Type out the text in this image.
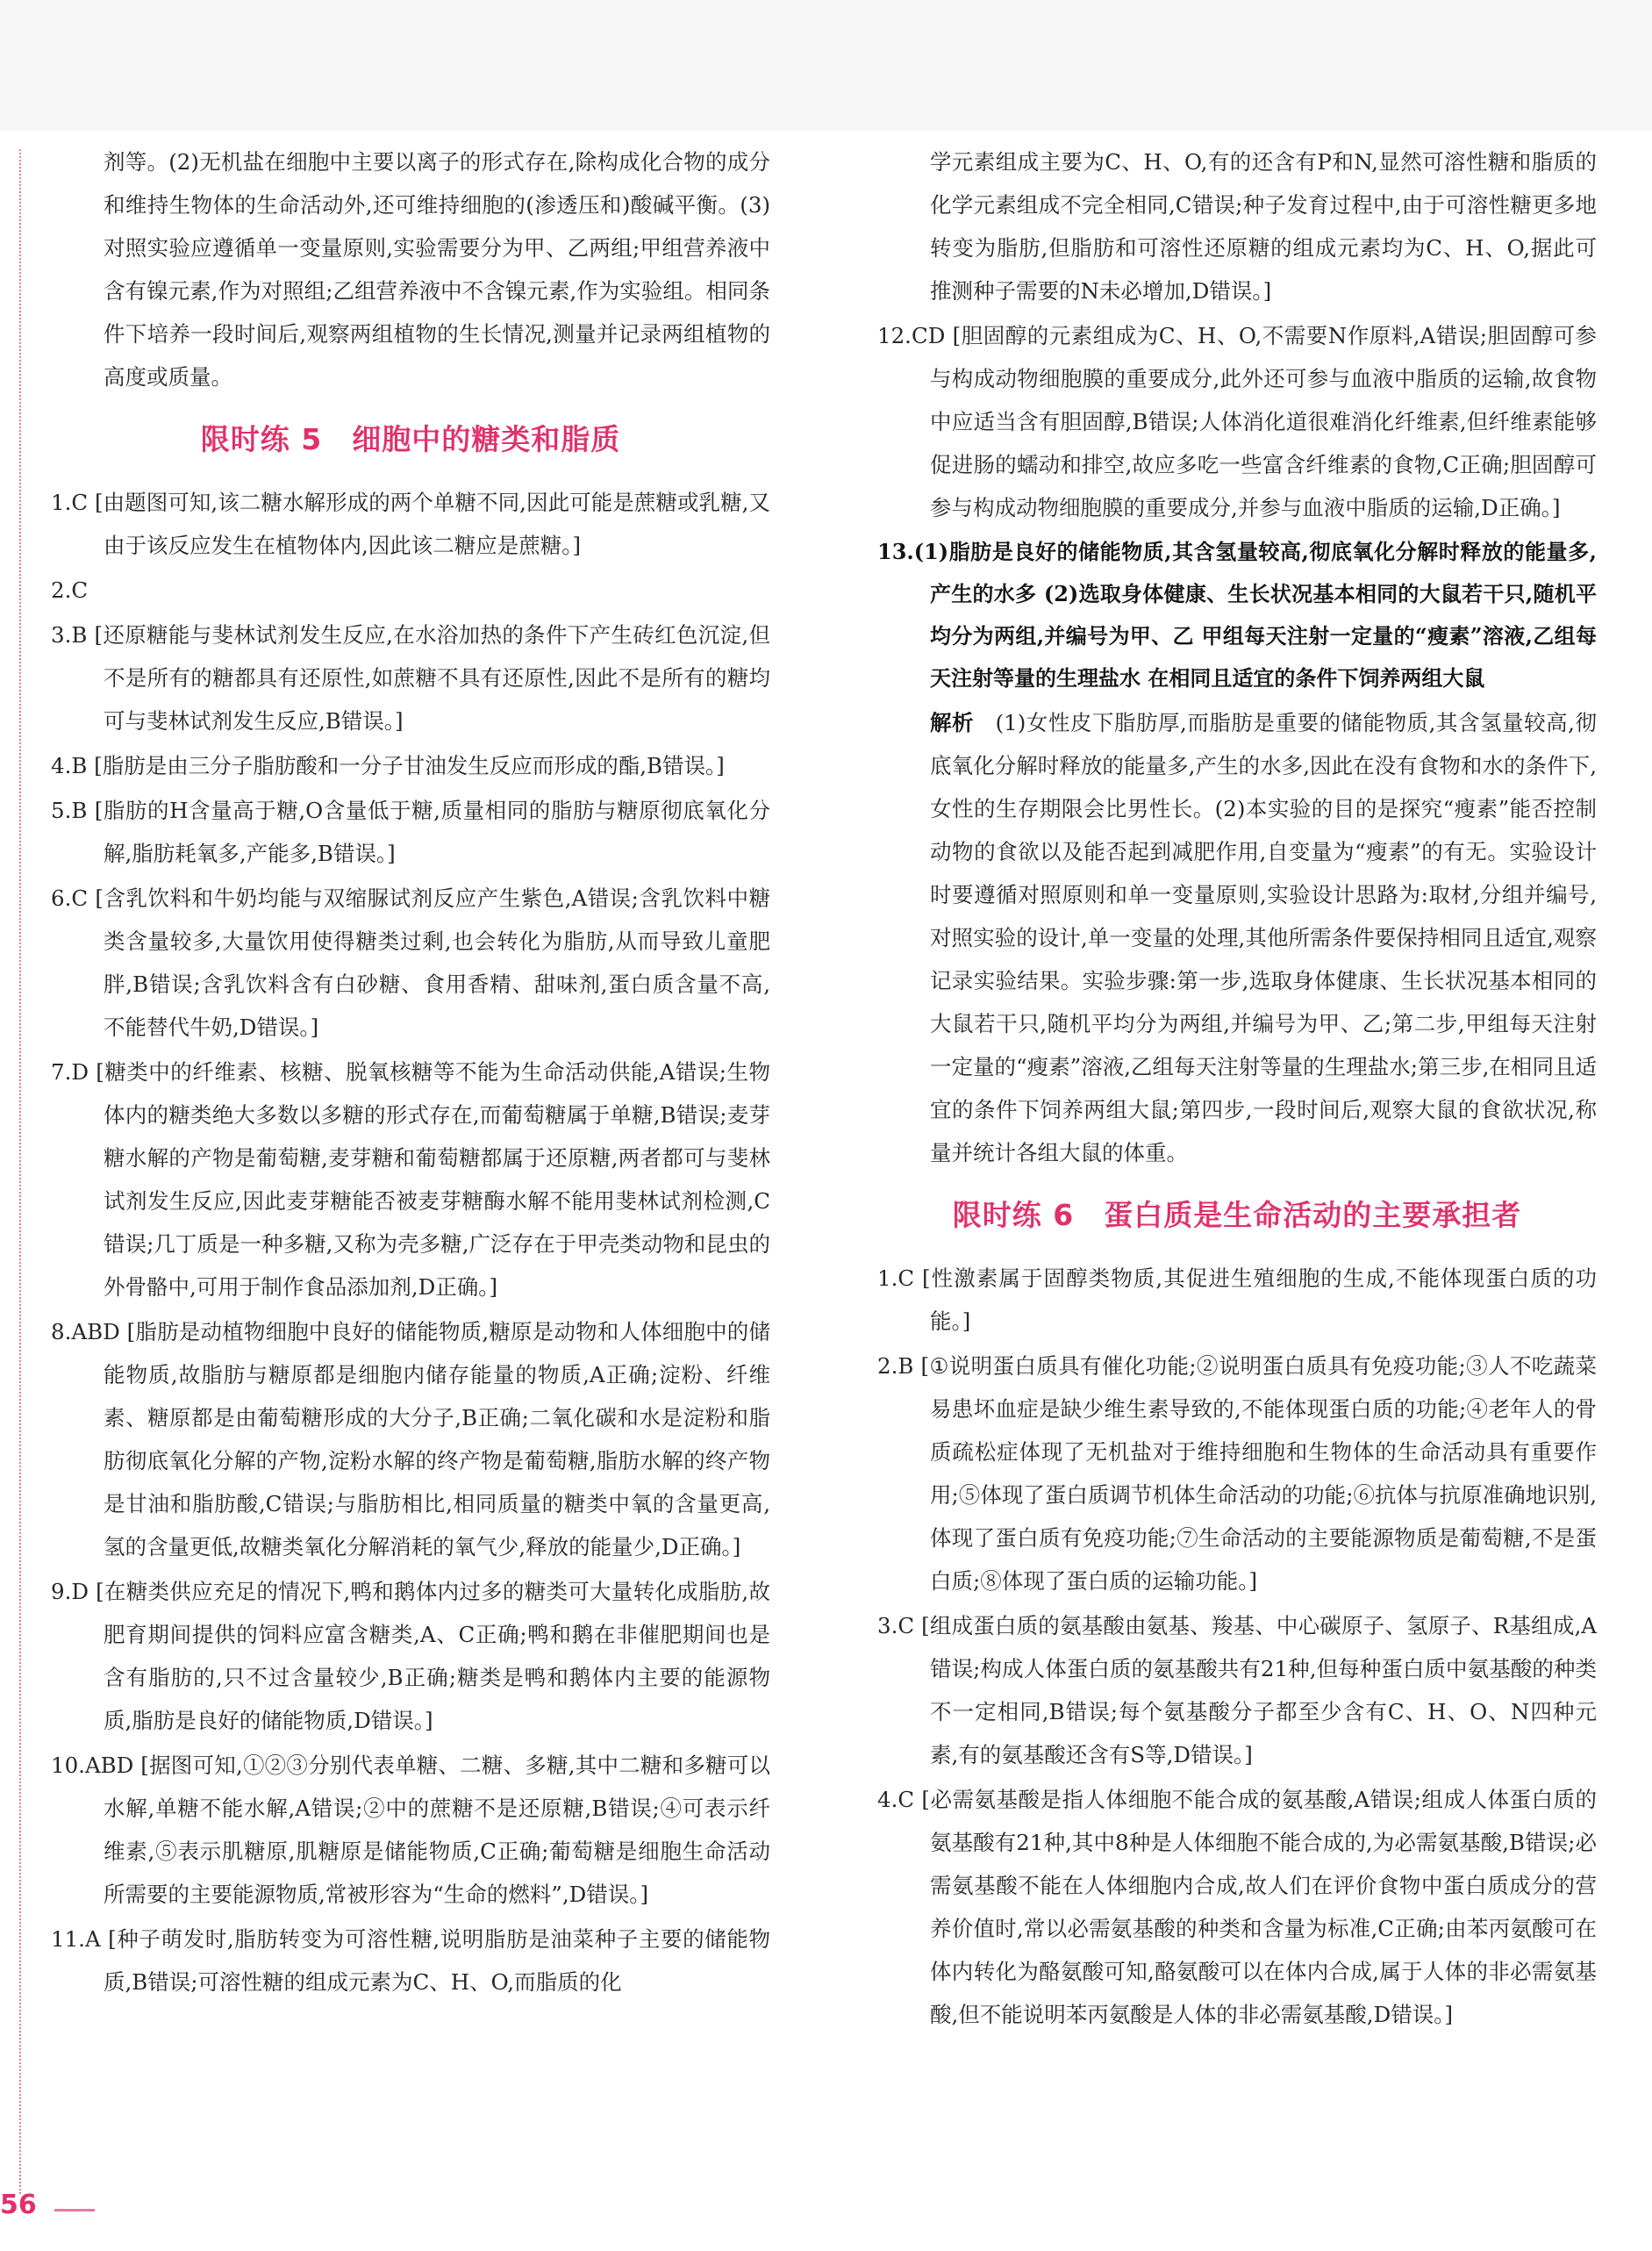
剂等。(2)无机盐在细胞中主要以离子的形式存在,除构成化合物的成分和维持生物体的生命活动外,还可维持细胞的(渗透压和)酸碱平衡。(3)对照实验应遵循单一变量原则,实验需要分为甲、乙两组;甲组营养液中含有镍元素,作为对照组;乙组营养液中不含镍元素,作为实验组。相同条件下培养一段时间后,观察两组植物的生长情况,测量并记录两组植物的高度或质量。

限时练 5 细胞中的糖类和脂质

1.C [由题图可知,该二糖水解形成的两个单糖不同,因此可能是蔗糖或乳糖,又由于该反应发生在植物体内,因此该二糖应是蔗糖。]

2.C

3.B [还原糖能与斐林试剂发生反应,在水浴加热的条件下产生砖红色沉淀,但不是所有的糖都具有还原性,如蔗糖不具有还原性,因此不是所有的糖均可与斐林试剂发生反应,B错误。]

4.B [脂肪是由三分子脂肪酸和一分子甘油发生反应而形成的酯,B错误。]

5.B [脂肪的H含量高于糖,O含量低于糖,质量相同的脂肪与糖原彻底氧化分解,脂肪耗氧多,产能多,B错误。]

6.C [含乳饮料和牛奶均能与双缩脲试剂反应产生紫色,A错误;含乳饮料中糖类含量较多,大量饮用使得糖类过剩,也会转化为脂肪,从而导致儿童肥胖,B错误;含乳饮料含有白砂糖、食用香精、甜味剂,蛋白质含量不高,不能替代牛奶,D错误。]

7.D [糖类中的纤维素、核糖、脱氧核糖等不能为生命活动供能,A错误;生物体内的糖类绝大多数以多糖的形式存在,而葡萄糖属于单糖,B错误;麦芽糖水解的产物是葡萄糖,麦芽糖和葡萄糖都属于还原糖,两者都可与斐林试剂发生反应,因此麦芽糖能否被麦芽糖酶水解不能用斐林试剂检测,C错误;几丁质是一种多糖,又称为壳多糖,广泛存在于甲壳类动物和昆虫的外骨骼中,可用于制作食品添加剂,D正确。]

8.ABD [脂肪是动植物细胞中良好的储能物质,糖原是动物和人体细胞中的储能物质,故脂肪与糖原都是细胞内储存能量的物质,A正确;淀粉、纤维素、糖原都是由葡萄糖形成的大分子,B正确;二氧化碳和水是淀粉和脂肪彻底氧化分解的产物,淀粉水解的终产物是葡萄糖,脂肪水解的终产物是甘油和脂肪酸,C错误;与脂肪相比,相同质量的糖类中氧的含量更高,氢的含量更低,故糖类氧化分解消耗的氧气少,释放的能量少,D正确。]

9.D [在糖类供应充足的情况下,鸭和鹅体内过多的糖类可大量转化成脂肪,故肥育期间提供的饲料应富含糖类,A、C正确;鸭和鹅在非催肥期间也是含有脂肪的,只不过含量较少,B正确;糖类是鸭和鹅体内主要的能源物质,脂肪是良好的储能物质,D错误。]

10.ABD [据图可知,①②③分别代表单糖、二糖、多糖,其中二糖和多糖可以水解,单糖不能水解,A错误;②中的蔗糖不是还原糖,B错误;④可表示纤维素,⑤表示肌糖原,肌糖原是储能物质,C正确;葡萄糖是细胞生命活动所需要的主要能源物质,常被形容为“生命的燃料”,D错误。]

11.A [种子萌发时,脂肪转变为可溶性糖,说明脂肪是油菜种子主要的储能物质,B错误;可溶性糖的组成元素为C、H、O,而脂质的化

学元素组成主要为C、H、O,有的还含有P和N,显然可溶性糖和脂质的化学元素组成不完全相同,C错误;种子发育过程中,由于可溶性糖更多地转变为脂肪,但脂肪和可溶性还原糖的组成元素均为C、H、O,据此可推测种子需要的N未必增加,D错误。]

12.CD [胆固醇的元素组成为C、H、O,不需要N作原料,A错误;胆固醇可参与构成动物细胞膜的重要成分,此外还可参与血液中脂质的运输,故食物中应适当含有胆固醇,B错误;人体消化道很难消化纤维素,但纤维素能够促进肠的蠕动和排空,故应多吃一些富含纤维素的食物,C正确;胆固醇可参与构成动物细胞膜的重要成分,并参与血液中脂质的运输,D正确。]

13.(1)脂肪是良好的储能物质,其含氢量较高,彻底氧化分解时释放的能量多,产生的水多 (2)选取身体健康、生长状况基本相同的大鼠若干只,随机平均分为两组,并编号为甲、乙 甲组每天注射一定量的“瘦素”溶液,乙组每天注射等量的生理盐水 在相同且适宜的条件下饲养两组大鼠

解析  (1)女性皮下脂肪厚,而脂肪是重要的储能物质,其含氢量较高,彻底氧化分解时释放的能量多,产生的水多,因此在没有食物和水的条件下,女性的生存期限会比男性长。(2)本实验的目的是探究“瘦素”能否控制动物的食欲以及能否起到减肥作用,自变量为“瘦素”的有无。实验设计时要遵循对照原则和单一变量原则,实验设计思路为:取材,分组并编号,对照实验的设计,单一变量的处理,其他所需条件要保持相同且适宜,观察记录实验结果。实验步骤:第一步,选取身体健康、生长状况基本相同的大鼠若干只,随机平均分为两组,并编号为甲、乙;第二步,甲组每天注射一定量的“瘦素”溶液,乙组每天注射等量的生理盐水;第三步,在相同且适宜的条件下饲养两组大鼠;第四步,一段时间后,观察大鼠的食欲状况,称量并统计各组大鼠的体重。

限时练 6 蛋白质是生命活动的主要承担者

1.C [性激素属于固醇类物质,其促进生殖细胞的生成,不能体现蛋白质的功能。]

2.B [①说明蛋白质具有催化功能;②说明蛋白质具有免疫功能;③人不吃蔬菜易患坏血症是缺少维生素导致的,不能体现蛋白质的功能;④老年人的骨质疏松症体现了无机盐对于维持细胞和生物体的生命活动具有重要作用;⑤体现了蛋白质调节机体生命活动的功能;⑥抗体与抗原准确地识别,体现了蛋白质有免疫功能;⑦生命活动的主要能源物质是葡萄糖,不是蛋白质;⑧体现了蛋白质的运输功能。]

3.C [组成蛋白质的氨基酸由氨基、羧基、中心碳原子、氢原子、R基组成,A错误;构成人体蛋白质的氨基酸共有21种,但每种蛋白质中氨基酸的种类不一定相同,B错误;每个氨基酸分子都至少含有C、H、O、N四种元素,有的氨基酸还含有S等,D错误。]

4.C [必需氨基酸是指人体细胞不能合成的氨基酸,A错误;组成人体蛋白质的氨基酸有21种,其中8种是人体细胞不能合成的,为必需氨基酸,B错误;必需氨基酸不能在人体细胞内合成,故人们在评价食物中蛋白质成分的营养价值时,常以必需氨基酸的种类和含量为标准,C正确;由苯丙氨酸可在体内转化为酪氨酸可知,酪氨酸可以在体内合成,属于人体的非必需氨基酸,但不能说明苯丙氨酸是人体的非必需氨基酸,D错误。]

56
